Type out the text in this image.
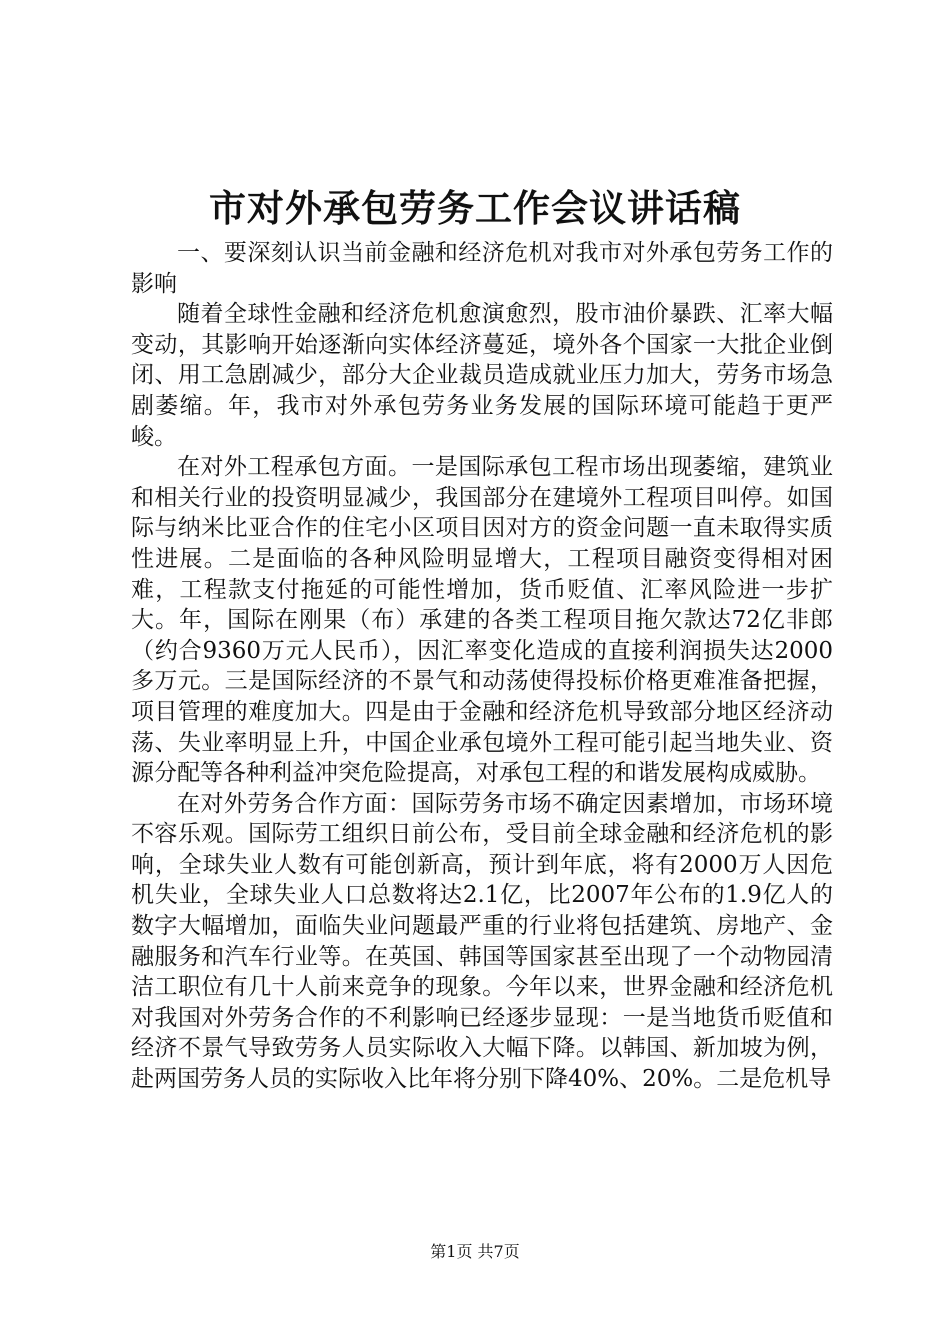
市对外承包劳务工作会议讲话稿

一、要深刻认识当前金融和经济危机对我市对外承包劳务工作的影响

随着全球性金融和经济危机愈演愈烈，股市油价暴跌、汇率大幅变动，其影响开始逐渐向实体经济蔓延，境外各个国家一大批企业倒闭、用工急剧减少，部分大企业裁员造成就业压力加大，劳务市场急剧萎缩。年，我市对外承包劳务业务发展的国际环境可能趋于更严峻。

在对外工程承包方面。一是国际承包工程市场出现萎缩，建筑业和相关行业的投资明显减少，我国部分在建境外工程项目叫停。如国际与纳米比亚合作的住宅小区项目因对方的资金问题一直未取得实质性进展。二是面临的各种风险明显增大，工程项目融资变得相对困难，工程款支付拖延的可能性增加，货币贬值、汇率风险进一步扩大。年，国际在刚果（布）承建的各类工程项目拖欠款达72亿非郎（约合9360万元人民币），因汇率变化造成的直接利润损失达2000多万元。三是国际经济的不景气和动荡使得投标价格更难准备把握，项目管理的难度加大。四是由于金融和经济危机导致部分地区经济动荡、失业率明显上升，中国企业承包境外工程可能引起当地失业、资源分配等各种利益冲突危险提高，对承包工程的和谐发展构成威胁。

在对外劳务合作方面：国际劳务市场不确定因素增加，市场环境不容乐观。国际劳工组织日前公布，受目前全球金融和经济危机的影响，全球失业人数有可能创新高，预计到年底，将有2000万人因危机失业，全球失业人口总数将达2.1亿，比2007年公布的1.9亿人的数字大幅增加，面临失业问题最严重的行业将包括建筑、房地产、金融服务和汽车行业等。在英国、韩国等国家甚至出现了一个动物园清洁工职位有几十人前来竞争的现象。今年以来，世界金融和经济危机对我国对外劳务合作的不利影响已经逐步显现：一是当地货币贬值和经济不景气导致劳务人员实际收入大幅下降。以韩国、新加坡为例，赴两国劳务人员的实际收入比年将分别下降40%、20%。二是危机导

第1页 共7页
